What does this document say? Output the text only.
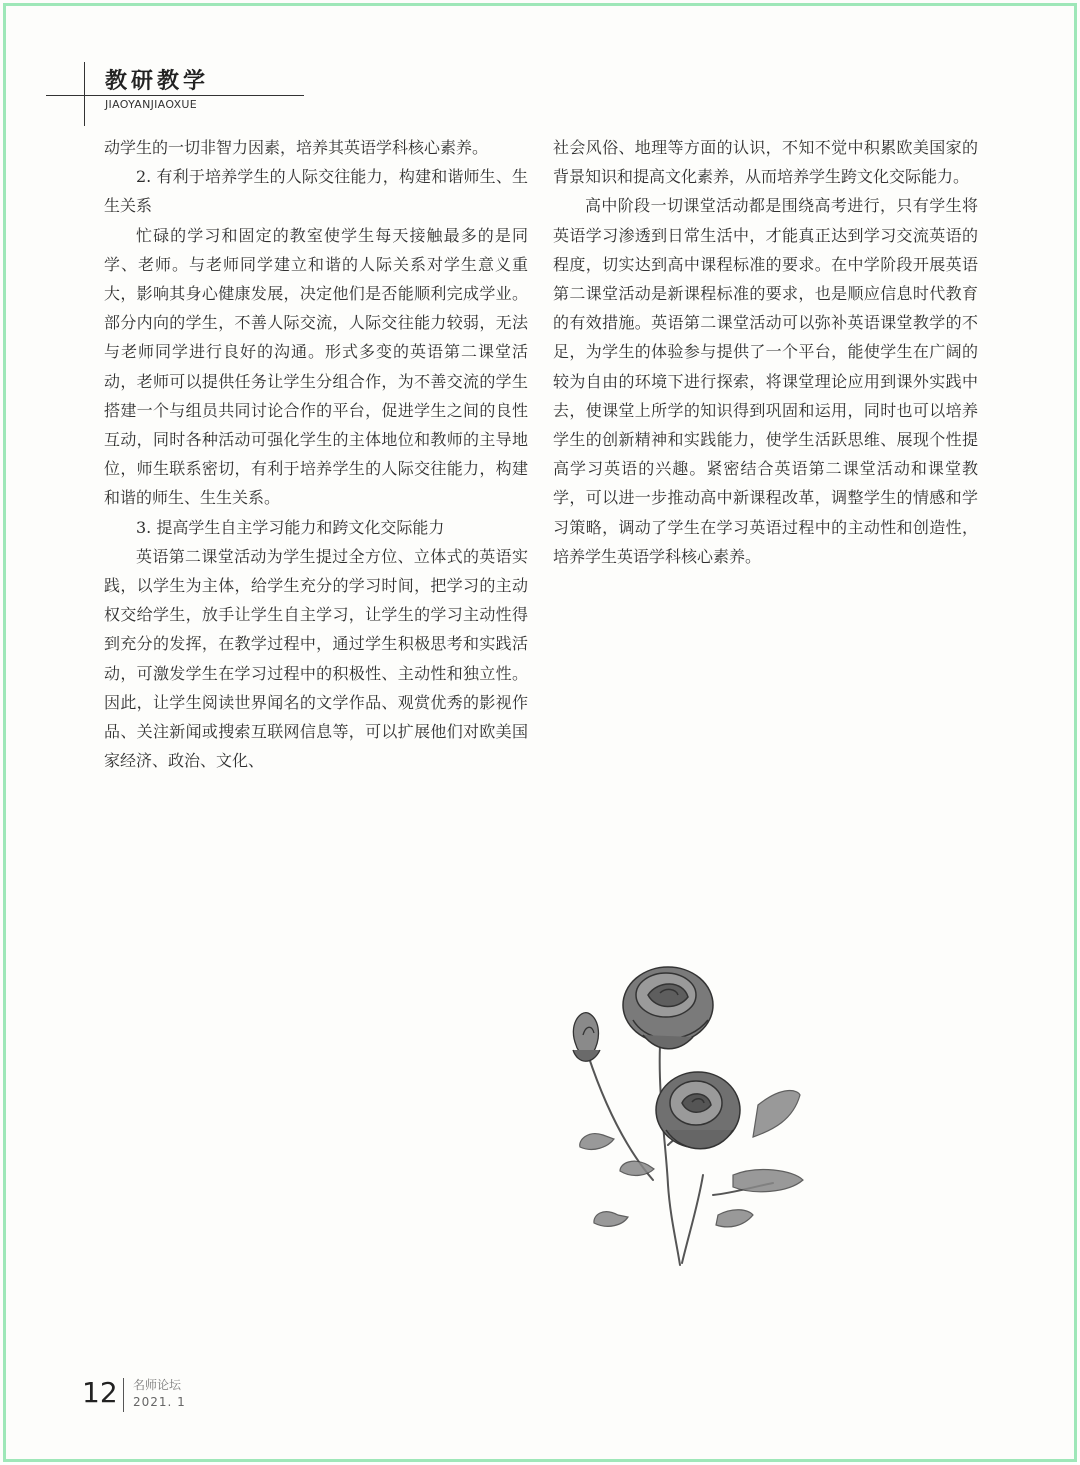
教研教学
JIAOYANJIAOXUE

动学生的一切非智力因素，培养其英语学科核心素养。

2. 有利于培养学生的人际交往能力，构建和谐师生、生生关系

忙碌的学习和固定的教室使学生每天接触最多的是同学、老师。与老师同学建立和谐的人际关系对学生意义重大，影响其身心健康发展，决定他们是否能顺利完成学业。部分内向的学生，不善人际交流，人际交往能力较弱，无法与老师同学进行良好的沟通。形式多变的英语第二课堂活动，老师可以提供任务让学生分组合作，为不善交流的学生搭建一个与组员共同讨论合作的平台，促进学生之间的良性互动，同时各种活动可强化学生的主体地位和教师的主导地位，师生联系密切，有利于培养学生的人际交往能力，构建和谐的师生、生生关系。

3. 提高学生自主学习能力和跨文化交际能力

英语第二课堂活动为学生提过全方位、立体式的英语实践，以学生为主体，给学生充分的学习时间，把学习的主动权交给学生，放手让学生自主学习，让学生的学习主动性得到充分的发挥，在教学过程中，通过学生积极思考和实践活动，可激发学生在学习过程中的积极性、主动性和独立性。因此，让学生阅读世界闻名的文学作品、观赏优秀的影视作品、关注新闻或搜索互联网信息等，可以扩展他们对欧美国家经济、政治、文化、

社会风俗、地理等方面的认识，不知不觉中积累欧美国家的背景知识和提高文化素养，从而培养学生跨文化交际能力。

高中阶段一切课堂活动都是围绕高考进行，只有学生将英语学习渗透到日常生活中，才能真正达到学习交流英语的程度，切实达到高中课程标准的要求。在中学阶段开展英语第二课堂活动是新课程标准的要求，也是顺应信息时代教育的有效措施。英语第二课堂活动可以弥补英语课堂教学的不足，为学生的体验参与提供了一个平台，能使学生在广阔的较为自由的环境下进行探索，将课堂理论应用到课外实践中去，使课堂上所学的知识得到巩固和运用，同时也可以培养学生的创新精神和实践能力，使学生活跃思维、展现个性提高学习英语的兴趣。紧密结合英语第二课堂活动和课堂教学，可以进一步推动高中新课程改革，调整学生的情感和学习策略，调动了学生在学习英语过程中的主动性和创造性，培养学生英语学科核心素养。

12 名师论坛
2021. 1
